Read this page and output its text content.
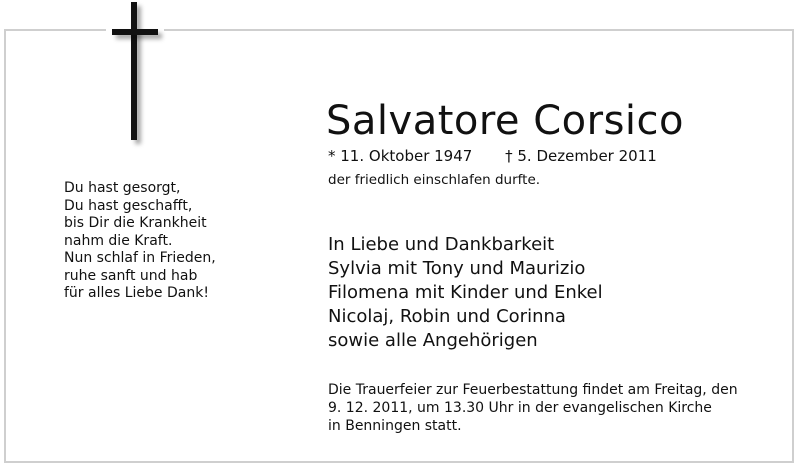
Du hast gesorgt,
Du hast geschafft,
bis Dir die Krankheit
nahm die Kraft.
Nun schlaf in Frieden,
ruhe sanft und hab
für alles Liebe Dank!
Salvatore Corsico
* 11. Oktober 1947 † 5. Dezember 2011
der friedlich einschlafen durfte.
In Liebe und Dankbarkeit
Sylvia mit Tony und Maurizio
Filomena mit Kinder und Enkel
Nicolaj, Robin und Corinna
sowie alle Angehörigen
Die Trauerfeier zur Feuerbestattung findet am Freitag, den
9. 12. 2011, um 13.30 Uhr in der evangelischen Kirche
in Benningen statt.
